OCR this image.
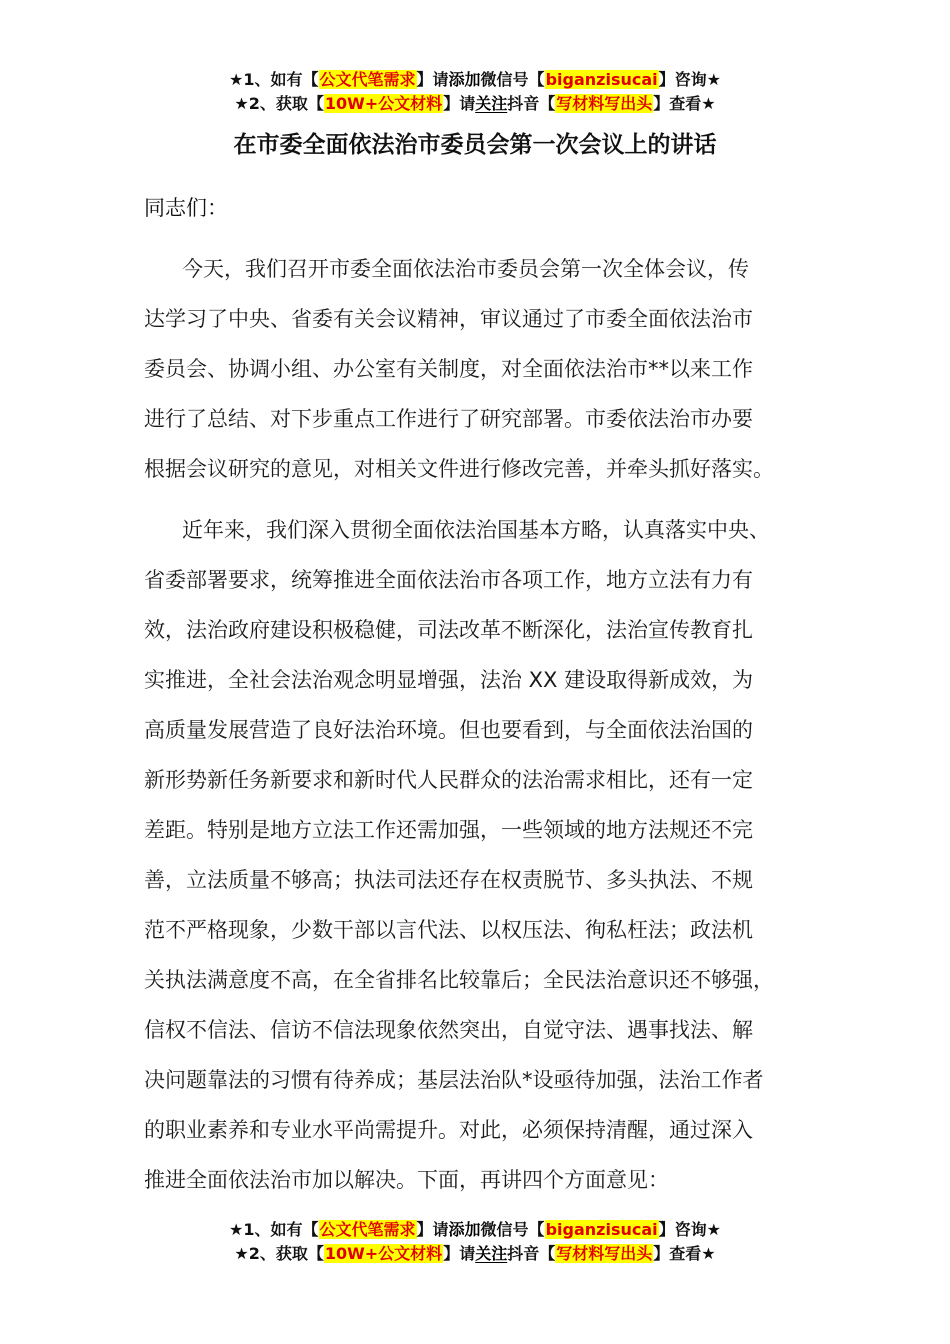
★1、如有【公文代笔需求】请添加微信号【biganzisucai】咨询★
★2、获取【10W+公文材料】请关注抖音【写材料写出头】查看★
在市委全面依法治市委员会第一次会议上的讲话
同志们：
今天，我们召开市委全面依法治市委员会第一次全体会议，传
达学习了中央、省委有关会议精神，审议通过了市委全面依法治市
委员会、协调小组、办公室有关制度，对全面依法治市**以来工作
进行了总结、对下步重点工作进行了研究部署。市委依法治市办要
根据会议研究的意见，对相关文件进行修改完善，并牵头抓好落实。
近年来，我们深入贯彻全面依法治国基本方略，认真落实中央、
省委部署要求，统筹推进全面依法治市各项工作，地方立法有力有
效，法治政府建设积极稳健，司法改革不断深化，法治宣传教育扎
实推进，全社会法治观念明显增强，法治 XX 建设取得新成效，为
高质量发展营造了良好法治环境。但也要看到，与全面依法治国的
新形势新任务新要求和新时代人民群众的法治需求相比，还有一定
差距。特别是地方立法工作还需加强，一些领域的地方法规还不完
善，立法质量不够高；执法司法还存在权责脱节、多头执法、不规
范不严格现象，少数干部以言代法、以权压法、徇私枉法；政法机
关执法满意度不高，在全省排名比较靠后；全民法治意识还不够强，
信权不信法、信访不信法现象依然突出，自觉守法、遇事找法、解
决问题靠法的习惯有待养成；基层法治队*设亟待加强，法治工作者
的职业素养和专业水平尚需提升。对此，必须保持清醒，通过深入
推进全面依法治市加以解决。下面，再讲四个方面意见：
★1、如有【公文代笔需求】请添加微信号【biganzisucai】咨询★
★2、获取【10W+公文材料】请关注抖音【写材料写出头】查看★
